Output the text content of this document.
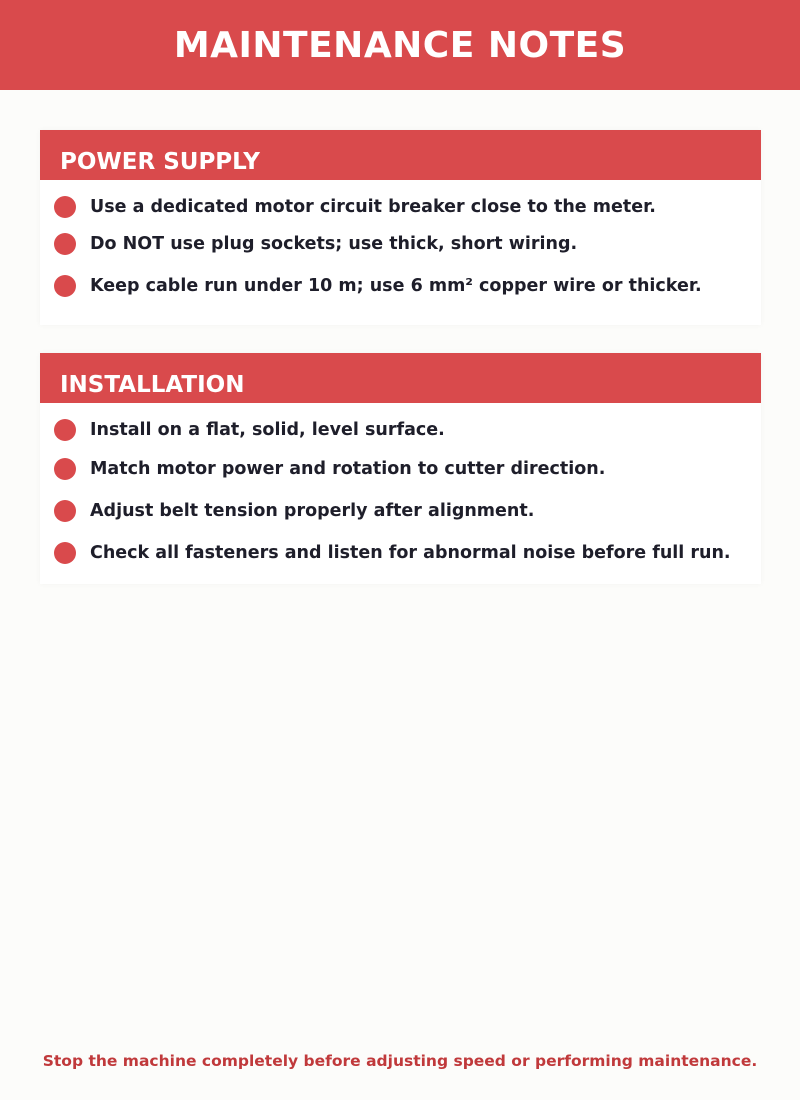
MAINTENANCE NOTES
POWER SUPPLY
Use a dedicated motor circuit breaker close to the meter.
Do NOT use plug sockets; use thick, short wiring.
Keep cable run under 10 m; use 6 mm² copper wire or thicker.
INSTALLATION
Install on a flat, solid, level surface.
Match motor power and rotation to cutter direction.
Adjust belt tension properly after alignment.
Check all fasteners and listen for abnormal noise before full run.
Stop the machine completely before adjusting speed or performing maintenance.
